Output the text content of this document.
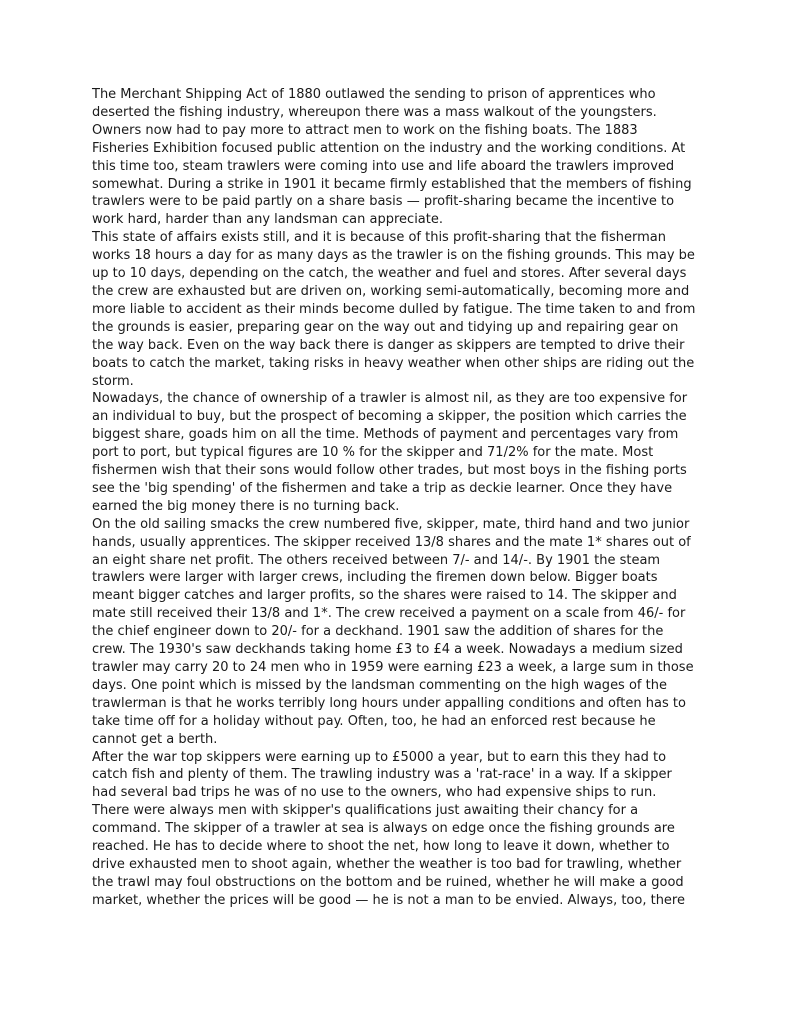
The Merchant Shipping Act of 1880 outlawed the sending to prison of apprentices who deserted the fishing industry, whereupon there was a mass walkout of the youngsters. Owners now had to pay more to attract men to work on the fishing boats. The 1883 Fisheries Exhibition focused public attention on the industry and the working conditions. At this time too, steam trawlers were coming into use and life aboard the trawlers improved somewhat. During a strike in 1901 it became firmly established that the members of fishing trawlers were to be paid partly on a share basis — profit-sharing became the incentive to work hard, harder than any landsman can appreciate.

This state of affairs exists still, and it is because of this profit-sharing that the fisherman works 18 hours a day for as many days as the trawler is on the fishing grounds. This may be up to 10 days, depending on the catch, the weather and fuel and stores. After several days the crew are exhausted but are driven on, working semi-automatically, becoming more and more liable to accident as their minds become dulled by fatigue. The time taken to and from the grounds is easier, preparing gear on the way out and tidying up and repairing gear on the way back. Even on the way back there is danger as skippers are tempted to drive their boats to catch the market, taking risks in heavy weather when other ships are riding out the storm.

Nowadays, the chance of ownership of a trawler is almost nil, as they are too expensive for an individual to buy, but the prospect of becoming a skipper, the position which carries the biggest share, goads him on all the time. Methods of payment and percentages vary from port to port, but typical figures are 10 % for the skipper and 71/2% for the mate. Most fishermen wish that their sons would follow other trades, but most boys in the fishing ports see the 'big spending' of the fishermen and take a trip as deckie learner. Once they have earned the big money there is no turning back.

On the old sailing smacks the crew numbered five, skipper, mate, third hand and two junior hands, usually apprentices. The skipper received 13/8 shares and the mate 1* shares out of an eight share net profit. The others received between 7/- and 14/-. By 1901 the steam trawlers were larger with larger crews, including the firemen down below. Bigger boats meant bigger catches and larger profits, so the shares were raised to 14. The skipper and mate still received their 13/8 and 1*. The crew received a payment on a scale from 46/- for the chief engineer down to 20/- for a deckhand. 1901 saw the addition of shares for the crew. The 1930's saw deckhands taking home £3 to £4 a week. Nowadays a medium sized trawler may carry 20 to 24 men who in 1959 were earning £23 a week, a large sum in those days. One point which is missed by the landsman commenting on the high wages of the trawlerman is that he works terribly long hours under appalling conditions and often has to take time off for a holiday without pay. Often, too, he had an enforced rest because he cannot get a berth.

After the war top skippers were earning up to £5000 a year, but to earn this they had to catch fish and plenty of them. The trawling industry was a 'rat-race' in a way. If a skipper had several bad trips he was of no use to the owners, who had expensive ships to run. There were always men with skipper's qualifications just awaiting their chancy for a command. The skipper of a trawler at sea is always on edge once the fishing grounds are reached. He has to decide where to shoot the net, how long to leave it down, whether to drive exhausted men to shoot again, whether the weather is too bad for trawling, whether the trawl may foul obstructions on the bottom and be ruined, whether he will make a good market, whether the prices will be good — he is not a man to be envied. Always, too, there
